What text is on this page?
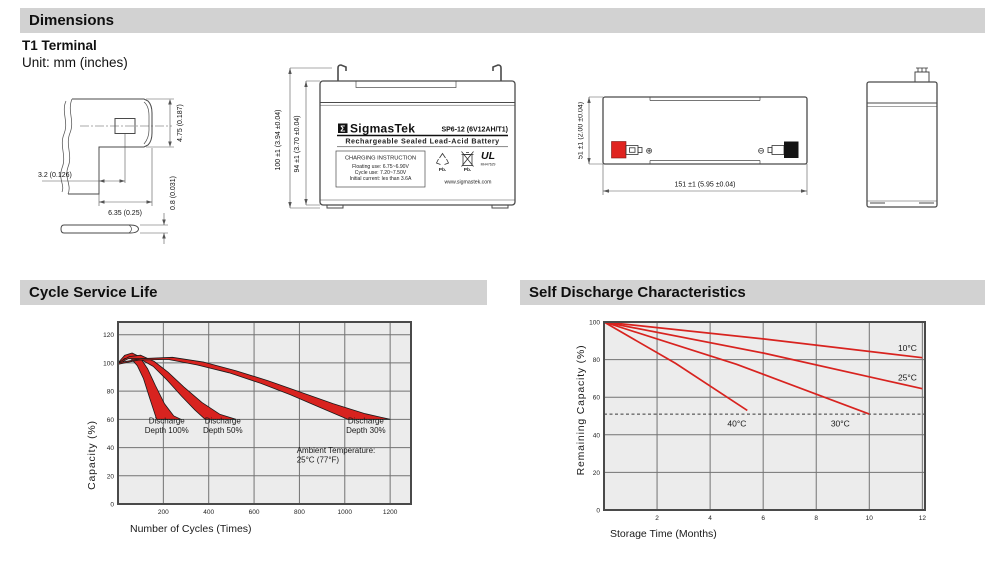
Dimensions
T1 Terminal
Unit: mm (inches)
4.75 (0.187)
3.2 (0.126)
6.35 (0.25)
0.8 (0.031)
Σ SigmasTek	SP6-12 (6V12AH/T1)
Rechargeable Sealed Lead-Acid Battery
CHARGING INSTRUCTION
Floating use: 6.75~6.90V
Cycle use: 7.20~7.50V
Initial current: les than 3.6A
Pb.	Pb.
UL
MH47629
www.sigmastek.com
100 ±1 (3.94 ±0.04) 94 ±1 (3.70 ±0.04)	⊕	⊖
51 ±1 (2.00 ±0.04)
151 ±1 (5.95 ±0.04)
Cycle Service Life	Self Discharge Characteristics
200	400	600	800	1000	1200
0
20
40
60
80
100
120
Discharge Depth 100%
Discharge Depth 50%
Discharge Depth 30%
Ambient Temperature: 25°C (77°F)
Capacity (%)
Number of Cycles (Times)
2	4	6	8	10	12
0
20
40
60
80
100
10°C
25°C
30°C
40°C
Remaining Capacity (%)
Storage Time (Months)
